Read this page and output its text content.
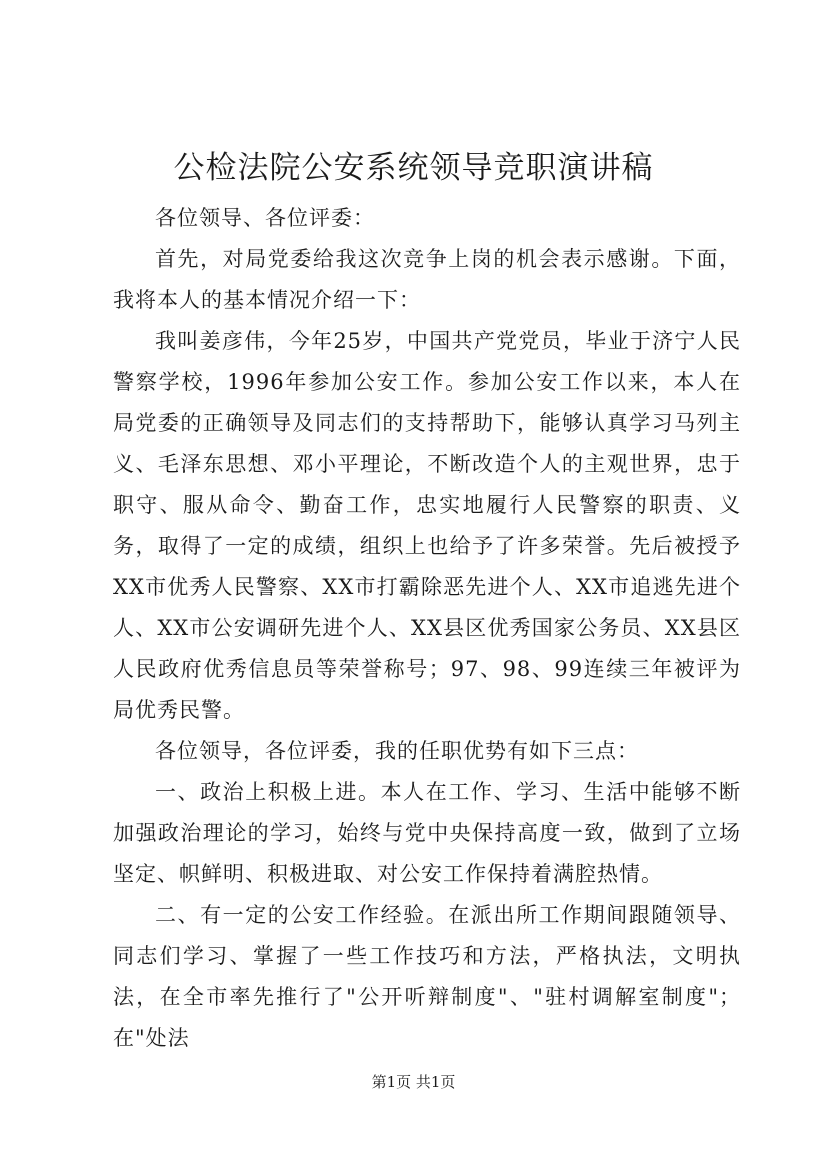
公检法院公安系统领导竞职演讲稿

各位领导、各位评委：

首先，对局党委给我这次竞争上岗的机会表示感谢。下面，我将本人的基本情况介绍一下：

我叫姜彦伟，今年25岁，中国共产党党员，毕业于济宁人民警察学校，1996年参加公安工作。参加公安工作以来，本人在局党委的正确领导及同志们的支持帮助下，能够认真学习马列主义、毛泽东思想、邓小平理论，不断改造个人的主观世界，忠于职守、服从命令、勤奋工作，忠实地履行人民警察的职责、义务，取得了一定的成绩，组织上也给予了许多荣誉。先后被授予XX市优秀人民警察、XX市打霸除恶先进个人、XX市追逃先进个人、XX市公安调研先进个人、XX县区优秀国家公务员、XX县区人民政府优秀信息员等荣誉称号；97、98、99连续三年被评为局优秀民警。

各位领导，各位评委，我的任职优势有如下三点：

一、政治上积极上进。本人在工作、学习、生活中能够不断加强政治理论的学习，始终与党中央保持高度一致，做到了立场坚定、帜鲜明、积极进取、对公安工作保持着满腔热情。

二、有一定的公安工作经验。在派出所工作期间跟随领导、同志们学习、掌握了一些工作技巧和方法，严格执法，文明执法，在全市率先推行了"公开听辩制度"、"驻村调解室制度"；在"处法

第1页 共1页
